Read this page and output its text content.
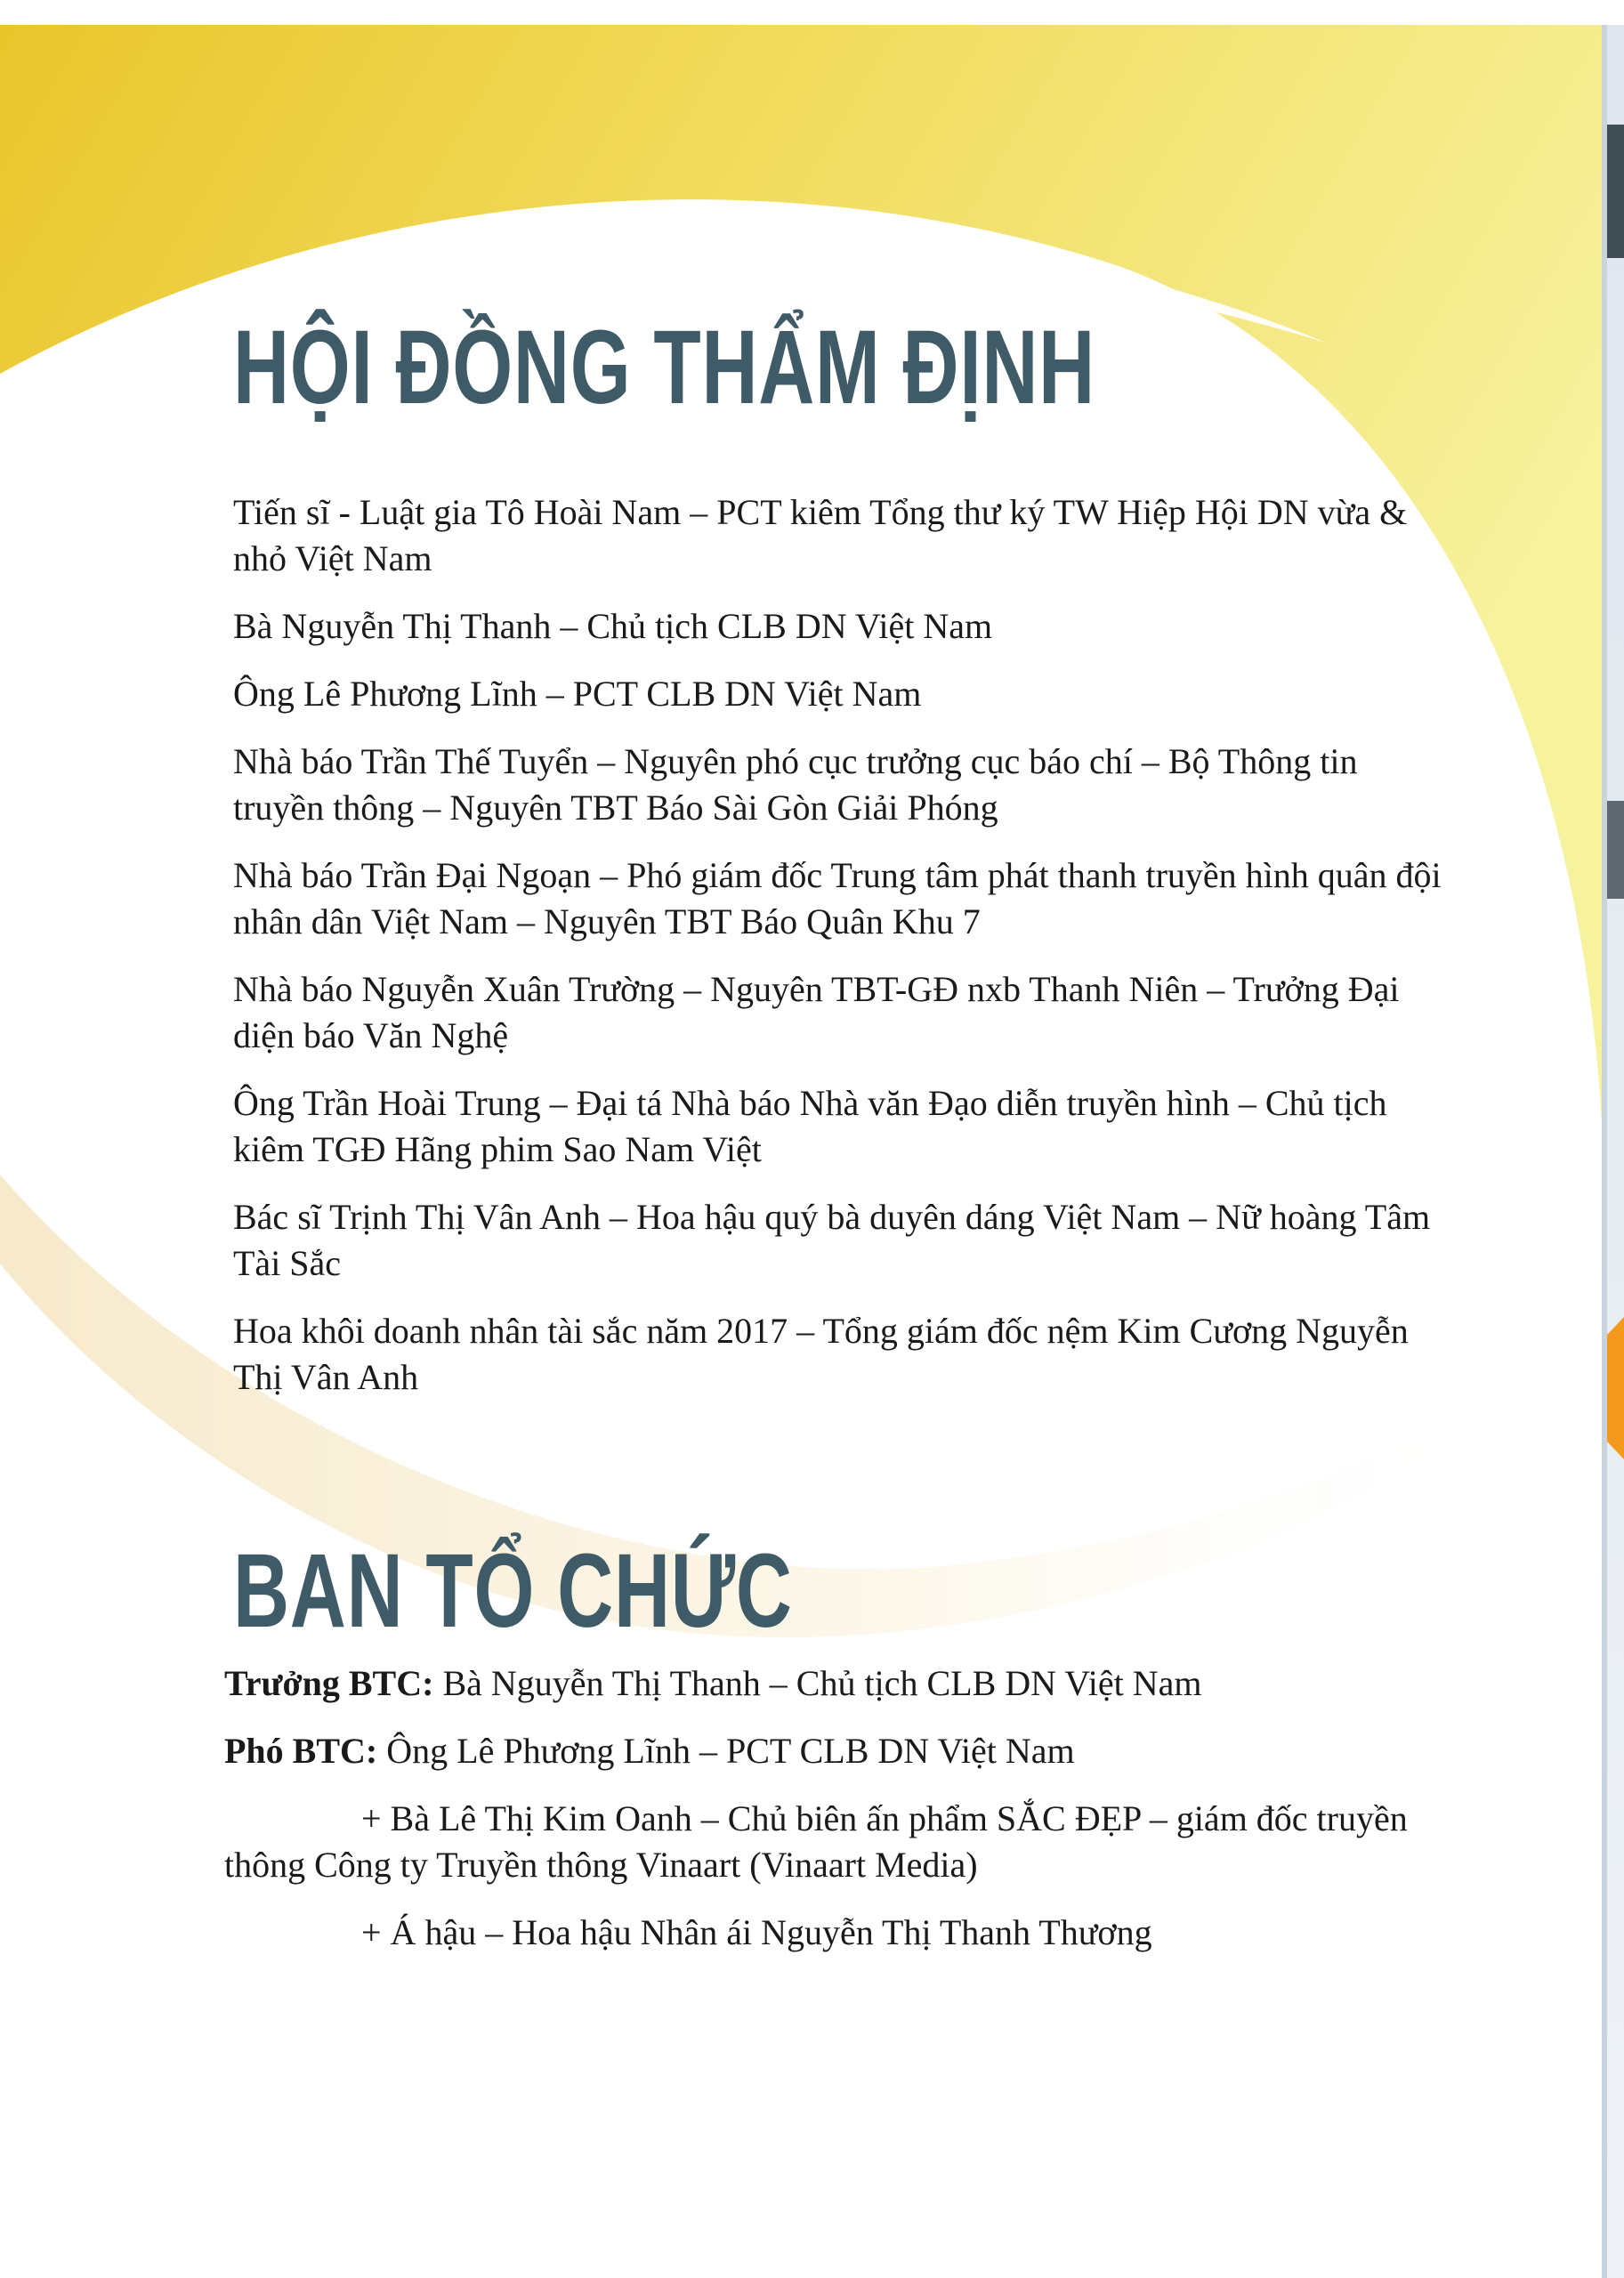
HỘI ĐỒNG THẨM ĐỊNH
Tiến sĩ - Luật gia Tô Hoài Nam – PCT kiêm Tổng thư ký TW Hiệp Hội DN vừa & nhỏ Việt Nam
Bà Nguyễn Thị Thanh – Chủ tịch CLB DN Việt Nam
Ông Lê Phương Lĩnh – PCT CLB DN Việt Nam
Nhà báo Trần Thế Tuyển – Nguyên phó cục trưởng cục báo chí – Bộ Thông tin truyền thông – Nguyên TBT Báo Sài Gòn Giải Phóng
Nhà báo Trần Đại Ngoạn – Phó giám đốc Trung tâm phát thanh truyền hình quân đội nhân dân Việt Nam – Nguyên TBT Báo Quân Khu 7
Nhà báo Nguyễn Xuân Trường – Nguyên TBT-GĐ nxb Thanh Niên – Trưởng Đại diện báo Văn Nghệ
Ông Trần Hoài Trung – Đại tá Nhà báo Nhà văn Đạo diễn truyền hình – Chủ tịch kiêm TGĐ Hãng phim Sao Nam Việt
Bác sĩ Trịnh Thị Vân Anh – Hoa hậu quý bà duyên dáng Việt Nam – Nữ hoàng Tâm Tài Sắc
Hoa khôi doanh nhân tài sắc năm 2017 – Tổng giám đốc nệm Kim Cương Nguyễn Thị Vân Anh
BAN TỔ CHỨC

Trưởng BTC: Bà Nguyễn Thị Thanh – Chủ tịch CLB DN Việt Nam

Phó BTC: Ông Lê Phương Lĩnh – PCT CLB DN Việt Nam

+ Bà Lê Thị Kim Oanh – Chủ biên ấn phẩm SẮC ĐẸP – giám đốc truyền thông Công ty Truyền thông Vinaart (Vinaart Media)

+ Á hậu – Hoa hậu Nhân ái Nguyễn Thị Thanh Thương
